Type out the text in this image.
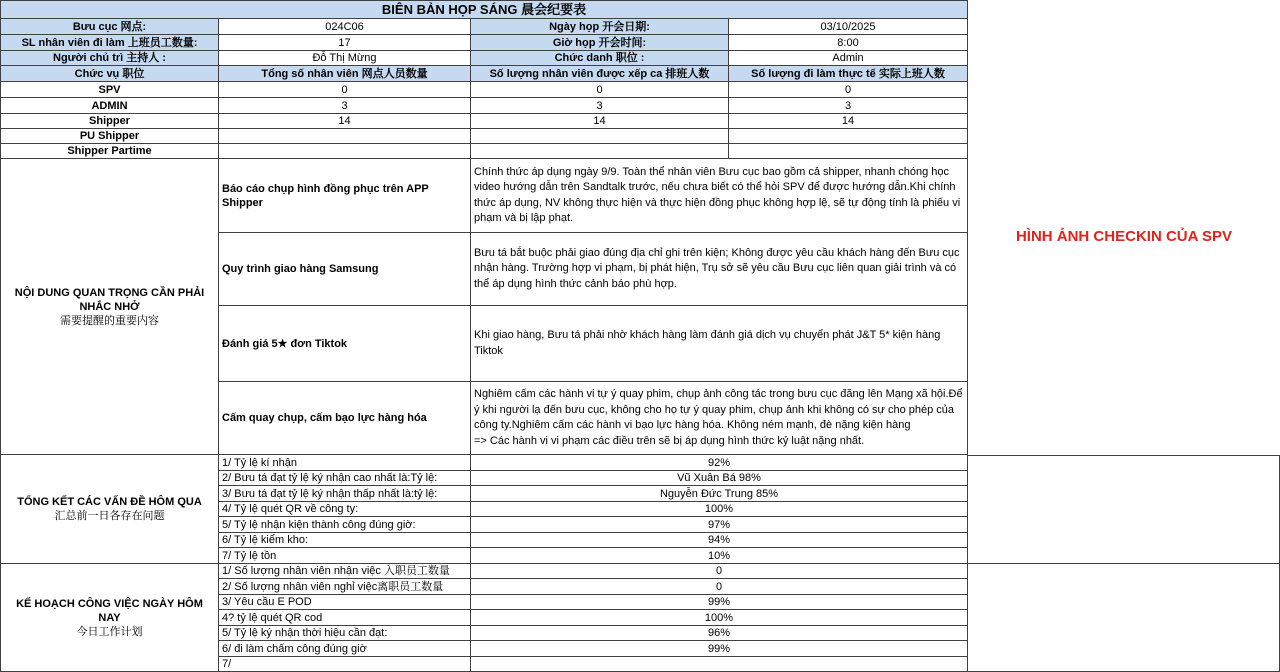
BIÊN BẢN HỌP SÁNG 晨会纪要表
Bưu cục 网点:	024C06	Ngày họp 开会日期:	03/10/2025
SL nhân viên đi làm 上班员工数量:	17	Giờ họp 开会时间:	8:00
Người chủ trì 主持人 :	Đỗ Thị Mừng	Chức danh 职位 :	Admin
Chức vụ 职位	Tổng số nhân viên 网点人员数量	Số lượng nhân viên được xếp ca 排班人数	Số lượng đi làm thực tế 实际上班人数
SPV	0	0	0
ADMIN	3	3	3
Shipper	14	14	14
PU Shipper
Shipper Partime
HÌNH ẢNH CHECKIN CỦA SPV
NỘI DUNG QUAN TRỌNG CẦN PHẢI NHẮC NHỞ
需要提醒的重要内容
Báo cáo chụp hình đồng phục trên APP Shipper
Chính thức áp dụng ngày 9/9. Toàn thể nhân viên Bưu cục bao gồm cả shipper, nhanh chóng học video hướng dẫn trên Sandtalk trước, nếu chưa biết có thể hỏi SPV để được hướng dẫn.Khi chính thức áp dụng, NV không thực hiện và thực hiện đồng phục không hợp lệ, sẽ tự động tính là phiếu vi phạm và bị lập phạt.
Quy trình giao hàng Samsung
Bưu tá bắt buộc phải giao đúng địa chỉ ghi trên kiện; Không được yêu cầu khách hàng đến Bưu cục nhận hàng. Trường hợp vi phạm, bị phát hiện, Trụ sở sẽ yêu cầu Bưu cục liên quan giải trình và có thể áp dụng hình thức cảnh báo phù hợp.
Đánh giá 5★ đơn Tiktok
Khi giao hàng, Bưu tá phải nhờ khách hàng làm đánh giá dịch vụ chuyển phát J&T 5* kiện hàng Tiktok
Cấm quay chụp, cấm bạo lực hàng hóa
Nghiêm cấm các hành vi tự ý quay phim, chụp ảnh công tác trong bưu cục đăng lên Mạng xã hội.Để ý khi người lạ đến bưu cục, không cho họ tự ý quay phim, chụp ảnh khi không có sự cho phép của công ty.Nghiêm cấm các hành vi bạo lực hàng hóa. Không ném mạnh, đè nặng kiện hàng
=> Các hành vi vi phạm các điều trên sẽ bị áp dụng hình thức kỷ luật nặng nhất.
TỔNG KẾT CÁC VẤN ĐỀ HÔM QUA
汇总前一日各存在问题
1/ Tỷ lệ kí nhận	92%
2/ Bưu tá đạt tỷ lệ ký nhận cao nhất là:Tỷ lệ:	Vũ Xuân Bá 98%
3/ Bưu tá đạt tỷ lệ ký nhận thấp nhất là:tỷ lệ:	Nguyễn Đức Trung 85%
4/ Tỷ lệ quét QR về công ty:	100%
5/ Tỷ lệ nhận kiện thành công đúng giờ:	97%
6/ Tỷ lệ kiểm kho:	94%
7/ Tỷ lệ tồn	10%
KẾ HOẠCH CÔNG VIỆC NGÀY HÔM NAY
今日工作计划
1/ Số lượng nhân viên nhận việc 入职员工数量	0
2/ Số lượng nhân viên nghỉ việc离职员工数量	0
3/ Yêu cầu E POD	99%
4? tỷ lệ quét QR cod	100%
5/ Tỷ lệ ký nhận thời hiệu cần đạt:	96%
6/ đi làm chấm công đúng giờ	99%
7/
